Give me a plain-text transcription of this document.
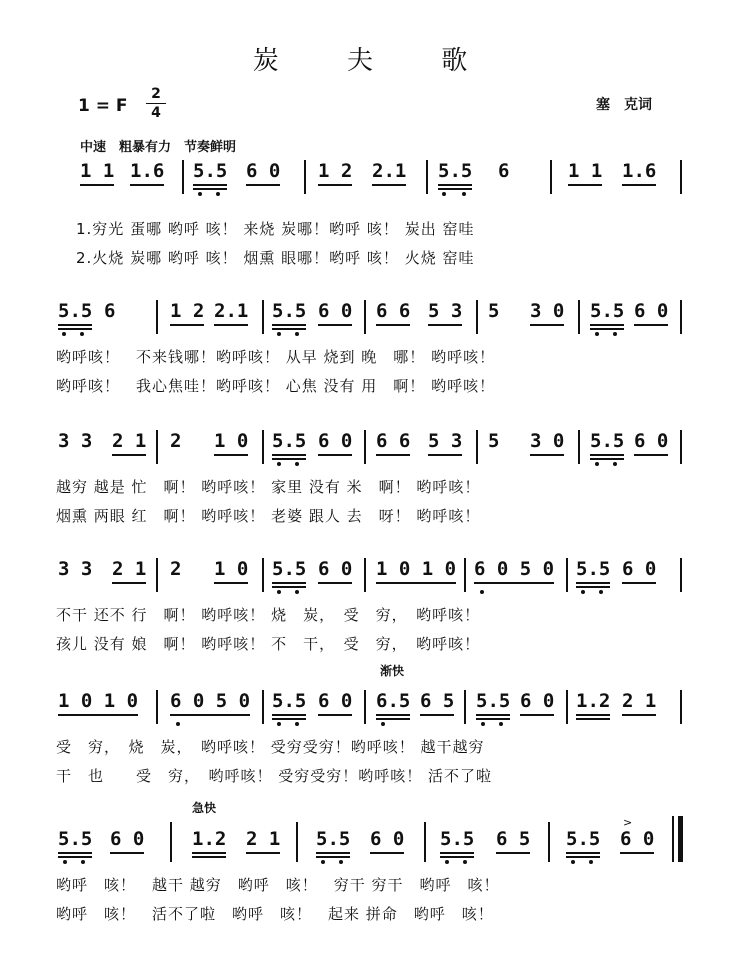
炭 夫 歌
1 = F
2
4	塞　克词
中速　粗暴有力　节奏鲜明
渐快
急快
1 1 1.6 5.5 6 0 1 2 2.1 5.5 6	1 1 1.6
1.穷光 蛋哪 哟呼 咳！ 来烧 炭哪！哟呼 咳！ 炭出 窑哇
2.火烧 炭哪 哟呼 咳！ 烟熏 眼哪！哟呼 咳！ 火烧 窑哇
5.5 6	1 2 2.1 5.5 6 0 6 6 5 3 5 3 0 5.5 6 0
哟呼咳！　不来钱哪！哟呼咳！ 从早 烧到 晚　哪！ 哟呼咳！
哟呼咳！　我心焦哇！哟呼咳！ 心焦 没有 用　啊！ 哟呼咳！
3 3 2 1 2 1 0 5.5 6 0 6 6 5 3 5 3 0 5.5 6 0
越穷 越是 忙　啊！ 哟呼咳！ 家里 没有 米　啊！ 哟呼咳！
烟熏 两眼 红　啊！ 哟呼咳！ 老婆 跟人 去　呀！ 哟呼咳！
3 3 2 1 2 1 0 5.5 6 0 1 0 1 0 6 0 5 0 5.5 6 0
不干 还不 行　啊！ 哟呼咳！ 烧　炭，　受　穷，　哟呼咳！
孩儿 没有 娘　啊！ 哟呼咳！ 不　干，　受　穷，　哟呼咳！
1 0 1 0 6 0 5 0 5.5 6 0 6.5 6 5 5.5 6 0 1.2 2 1
受　穷，　烧　炭，　哟呼咳！ 受穷受穷！哟呼咳！ 越干越穷
干　也　　受　穷，　哟呼咳！ 受穷受穷！哟呼咳！ 活不了啦
5.5 6 0	1.2 2 1 5.5 6 0 5.5 6 5 5.5 6 0
>
哟呼　咳！　越干 越穷　哟呼　咳！　穷干 穷干　哟呼　咳！
哟呼　咳！　活不了啦　哟呼　咳！　起来 拼命　哟呼　咳！
